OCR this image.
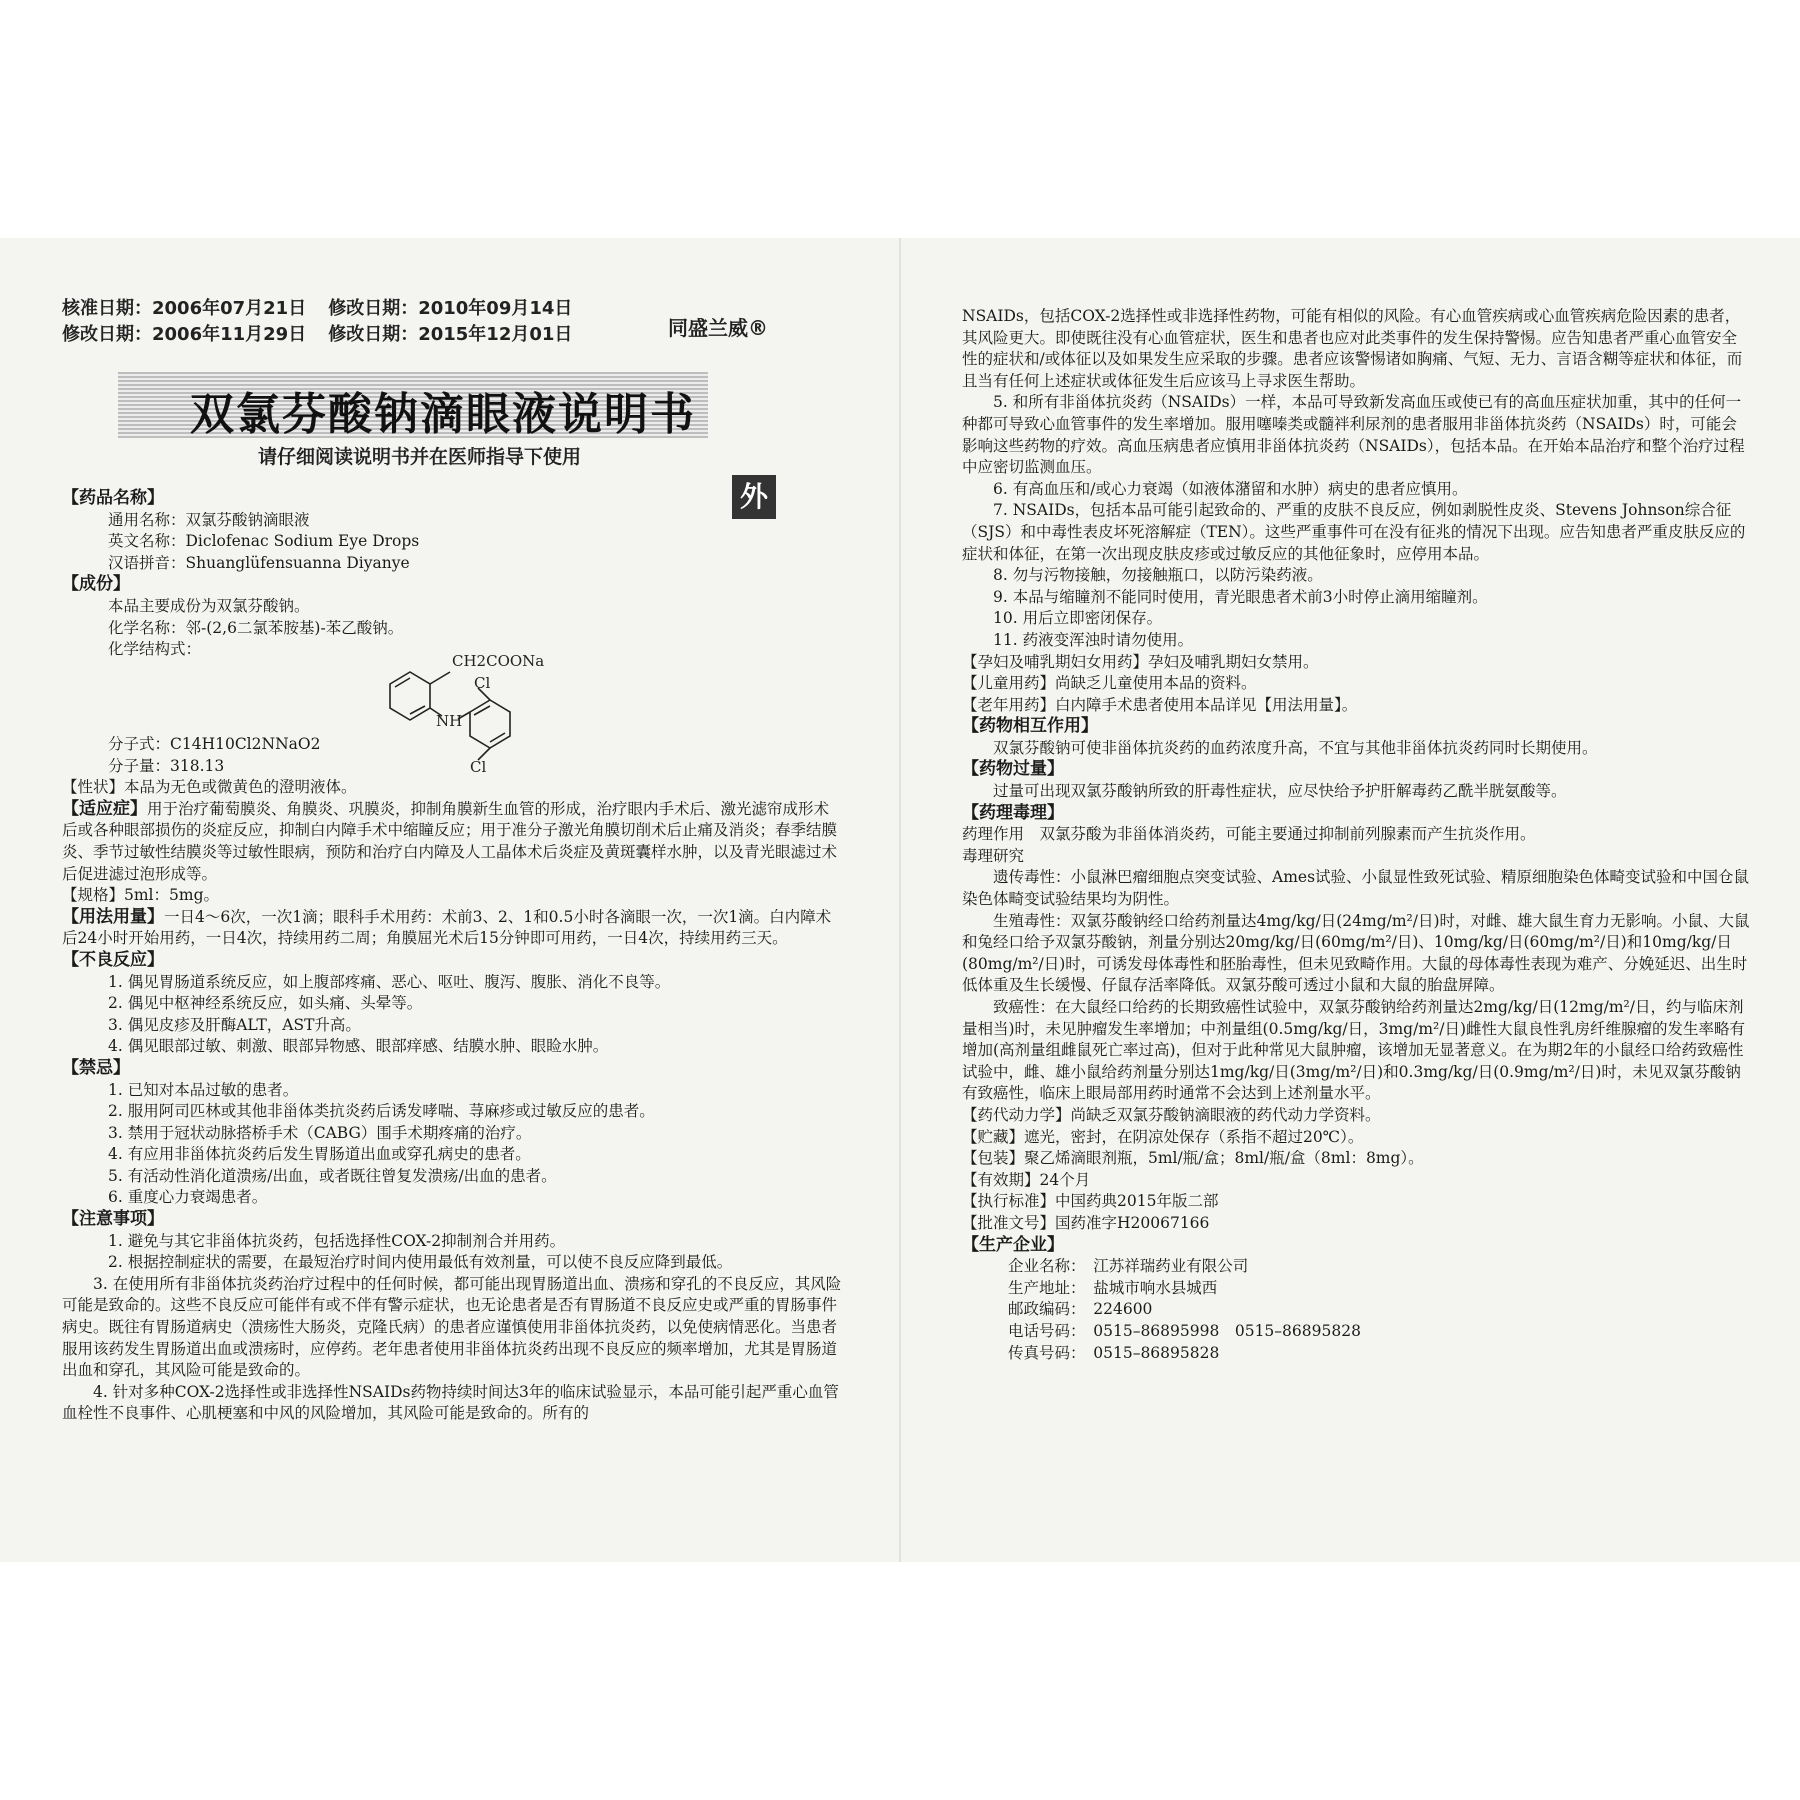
核准日期：2006年07月21日 修改日期：2010年09月14日
修改日期：2006年11月29日 修改日期：2015年12月01日	同盛兰威®
双氯芬酸钠滴眼液说明书
请仔细阅读说明书并在医师指导下使用
外

【药品名称】

通用名称：双氯芬酸钠滴眼液

英文名称：Diclofenac Sodium Eye Drops

汉语拼音：Shuanglüfensuanna Diyanye

【成份】

本品主要成份为双氯芬酸钠。

化学名称：邻-(2,6二氯苯胺基)-苯乙酸钠。

化学结构式：

CH2COONa
Cl
NH
Cl

分子式：C14H10Cl2NNaO2

分子量：318.13

【性状】本品为无色或微黄色的澄明液体。

【适应症】用于治疗葡萄膜炎、角膜炎、巩膜炎，抑制角膜新生血管的形成，治疗眼内手术后、激光滤帘成形术后或各种眼部损伤的炎症反应，抑制白内障手术中缩瞳反应；用于准分子激光角膜切削术后止痛及消炎；春季结膜炎、季节过敏性结膜炎等过敏性眼病，预防和治疗白内障及人工晶体术后炎症及黄斑囊样水肿，以及青光眼滤过术后促进滤过泡形成等。

【规格】5ml：5mg。

【用法用量】一日4～6次，一次1滴；眼科手术用药：术前3、2、1和0.5小时各滴眼一次，一次1滴。白内障术后24小时开始用药，一日4次，持续用药二周；角膜屈光术后15分钟即可用药，一日4次，持续用药三天。

【不良反应】

1. 偶见胃肠道系统反应，如上腹部疼痛、恶心、呕吐、腹泻、腹胀、消化不良等。

2. 偶见中枢神经系统反应，如头痛、头晕等。

3. 偶见皮疹及肝酶ALT，AST升高。

4. 偶见眼部过敏、刺激、眼部异物感、眼部痒感、结膜水肿、眼睑水肿。

【禁忌】

1. 已知对本品过敏的患者。

2. 服用阿司匹林或其他非甾体类抗炎药后诱发哮喘、荨麻疹或过敏反应的患者。

3. 禁用于冠状动脉搭桥手术（CABG）围手术期疼痛的治疗。

4. 有应用非甾体抗炎药后发生胃肠道出血或穿孔病史的患者。

5. 有活动性消化道溃疡/出血，或者既往曾复发溃疡/出血的患者。

6. 重度心力衰竭患者。

【注意事项】

1. 避免与其它非甾体抗炎药，包括选择性COX-2抑制剂合并用药。

2. 根据控制症状的需要，在最短治疗时间内使用最低有效剂量，可以使不良反应降到最低。

3. 在使用所有非甾体抗炎药治疗过程中的任何时候，都可能出现胃肠道出血、溃疡和穿孔的不良反应，其风险可能是致命的。这些不良反应可能伴有或不伴有警示症状，也无论患者是否有胃肠道不良反应史或严重的胃肠事件病史。既往有胃肠道病史（溃疡性大肠炎，克隆氏病）的患者应谨慎使用非甾体抗炎药，以免使病情恶化。当患者服用该药发生胃肠道出血或溃疡时，应停药。老年患者使用非甾体抗炎药出现不良反应的频率增加，尤其是胃肠道出血和穿孔，其风险可能是致命的。

4. 针对多种COX-2选择性或非选择性NSAIDs药物持续时间达3年的临床试验显示，本品可能引起严重心血管血栓性不良事件、心肌梗塞和中风的风险增加，其风险可能是致命的。所有的

NSAIDs，包括COX-2选择性或非选择性药物，可能有相似的风险。有心血管疾病或心血管疾病危险因素的患者，其风险更大。即使既往没有心血管症状，医生和患者也应对此类事件的发生保持警惕。应告知患者严重心血管安全性的症状和/或体征以及如果发生应采取的步骤。患者应该警惕诸如胸痛、气短、无力、言语含糊等症状和体征，而且当有任何上述症状或体征发生后应该马上寻求医生帮助。

5. 和所有非甾体抗炎药（NSAIDs）一样，本品可导致新发高血压或使已有的高血压症状加重，其中的任何一种都可导致心血管事件的发生率增加。服用噻嗪类或髓袢利尿剂的患者服用非甾体抗炎药（NSAIDs）时，可能会影响这些药物的疗效。高血压病患者应慎用非甾体抗炎药（NSAIDs），包括本品。在开始本品治疗和整个治疗过程中应密切监测血压。

6. 有高血压和/或心力衰竭（如液体潴留和水肿）病史的患者应慎用。

7. NSAIDs，包括本品可能引起致命的、严重的皮肤不良反应，例如剥脱性皮炎、Stevens Johnson综合征（SJS）和中毒性表皮坏死溶解症（TEN）。这些严重事件可在没有征兆的情况下出现。应告知患者严重皮肤反应的症状和体征，在第一次出现皮肤皮疹或过敏反应的其他征象时，应停用本品。

8. 勿与污物接触，勿接触瓶口，以防污染药液。

9. 本品与缩瞳剂不能同时使用，青光眼患者术前3小时停止滴用缩瞳剂。

10. 用后立即密闭保存。

11. 药液变浑浊时请勿使用。

【孕妇及哺乳期妇女用药】孕妇及哺乳期妇女禁用。

【儿童用药】尚缺乏儿童使用本品的资料。

【老年用药】白内障手术患者使用本品详见【用法用量】。

【药物相互作用】

双氯芬酸钠可使非甾体抗炎药的血药浓度升高，不宜与其他非甾体抗炎药同时长期使用。

【药物过量】

过量可出现双氯芬酸钠所致的肝毒性症状，应尽快给予护肝解毒药乙酰半胱氨酸等。

【药理毒理】

药理作用　双氯芬酸为非甾体消炎药，可能主要通过抑制前列腺素而产生抗炎作用。

毒理研究

遗传毒性：小鼠淋巴瘤细胞点突变试验、Ames试验、小鼠显性致死试验、精原细胞染色体畸变试验和中国仓鼠染色体畸变试验结果均为阴性。

生殖毒性：双氯芬酸钠经口给药剂量达4mg/kg/日(24mg/m²/日)时，对雌、雄大鼠生育力无影响。小鼠、大鼠和兔经口给予双氯芬酸钠，剂量分别达20mg/kg/日(60mg/m²/日)、10mg/kg/日(60mg/m²/日)和10mg/kg/日(80mg/m²/日)时，可诱发母体毒性和胚胎毒性，但未见致畸作用。大鼠的母体毒性表现为难产、分娩延迟、出生时低体重及生长缓慢、仔鼠存活率降低。双氯芬酸可透过小鼠和大鼠的胎盘屏障。

致癌性：在大鼠经口给药的长期致癌性试验中，双氯芬酸钠给药剂量达2mg/kg/日(12mg/m²/日，约与临床剂量相当)时，未见肿瘤发生率增加；中剂量组(0.5mg/kg/日，3mg/m²/日)雌性大鼠良性乳房纤维腺瘤的发生率略有增加(高剂量组雌鼠死亡率过高)，但对于此种常见大鼠肿瘤，该增加无显著意义。在为期2年的小鼠经口给药致癌性试验中，雌、雄小鼠给药剂量分别达1mg/kg/日(3mg/m²/日)和0.3mg/kg/日(0.9mg/m²/日)时，未见双氯芬酸钠有致癌性，临床上眼局部用药时通常不会达到上述剂量水平。

【药代动力学】尚缺乏双氯芬酸钠滴眼液的药代动力学资料。

【贮藏】遮光，密封，在阴凉处保存（系指不超过20℃）。

【包装】聚乙烯滴眼剂瓶，5ml/瓶/盒；8ml/瓶/盒（8ml：8mg）。

【有效期】24个月

【执行标准】中国药典2015年版二部

【批准文号】国药准字H20067166

【生产企业】

企业名称：　江苏祥瑞药业有限公司

生产地址：　盐城市响水县城西

邮政编码：　224600

电话号码：　0515–86895998　0515–86895828

传真号码：　0515–86895828
